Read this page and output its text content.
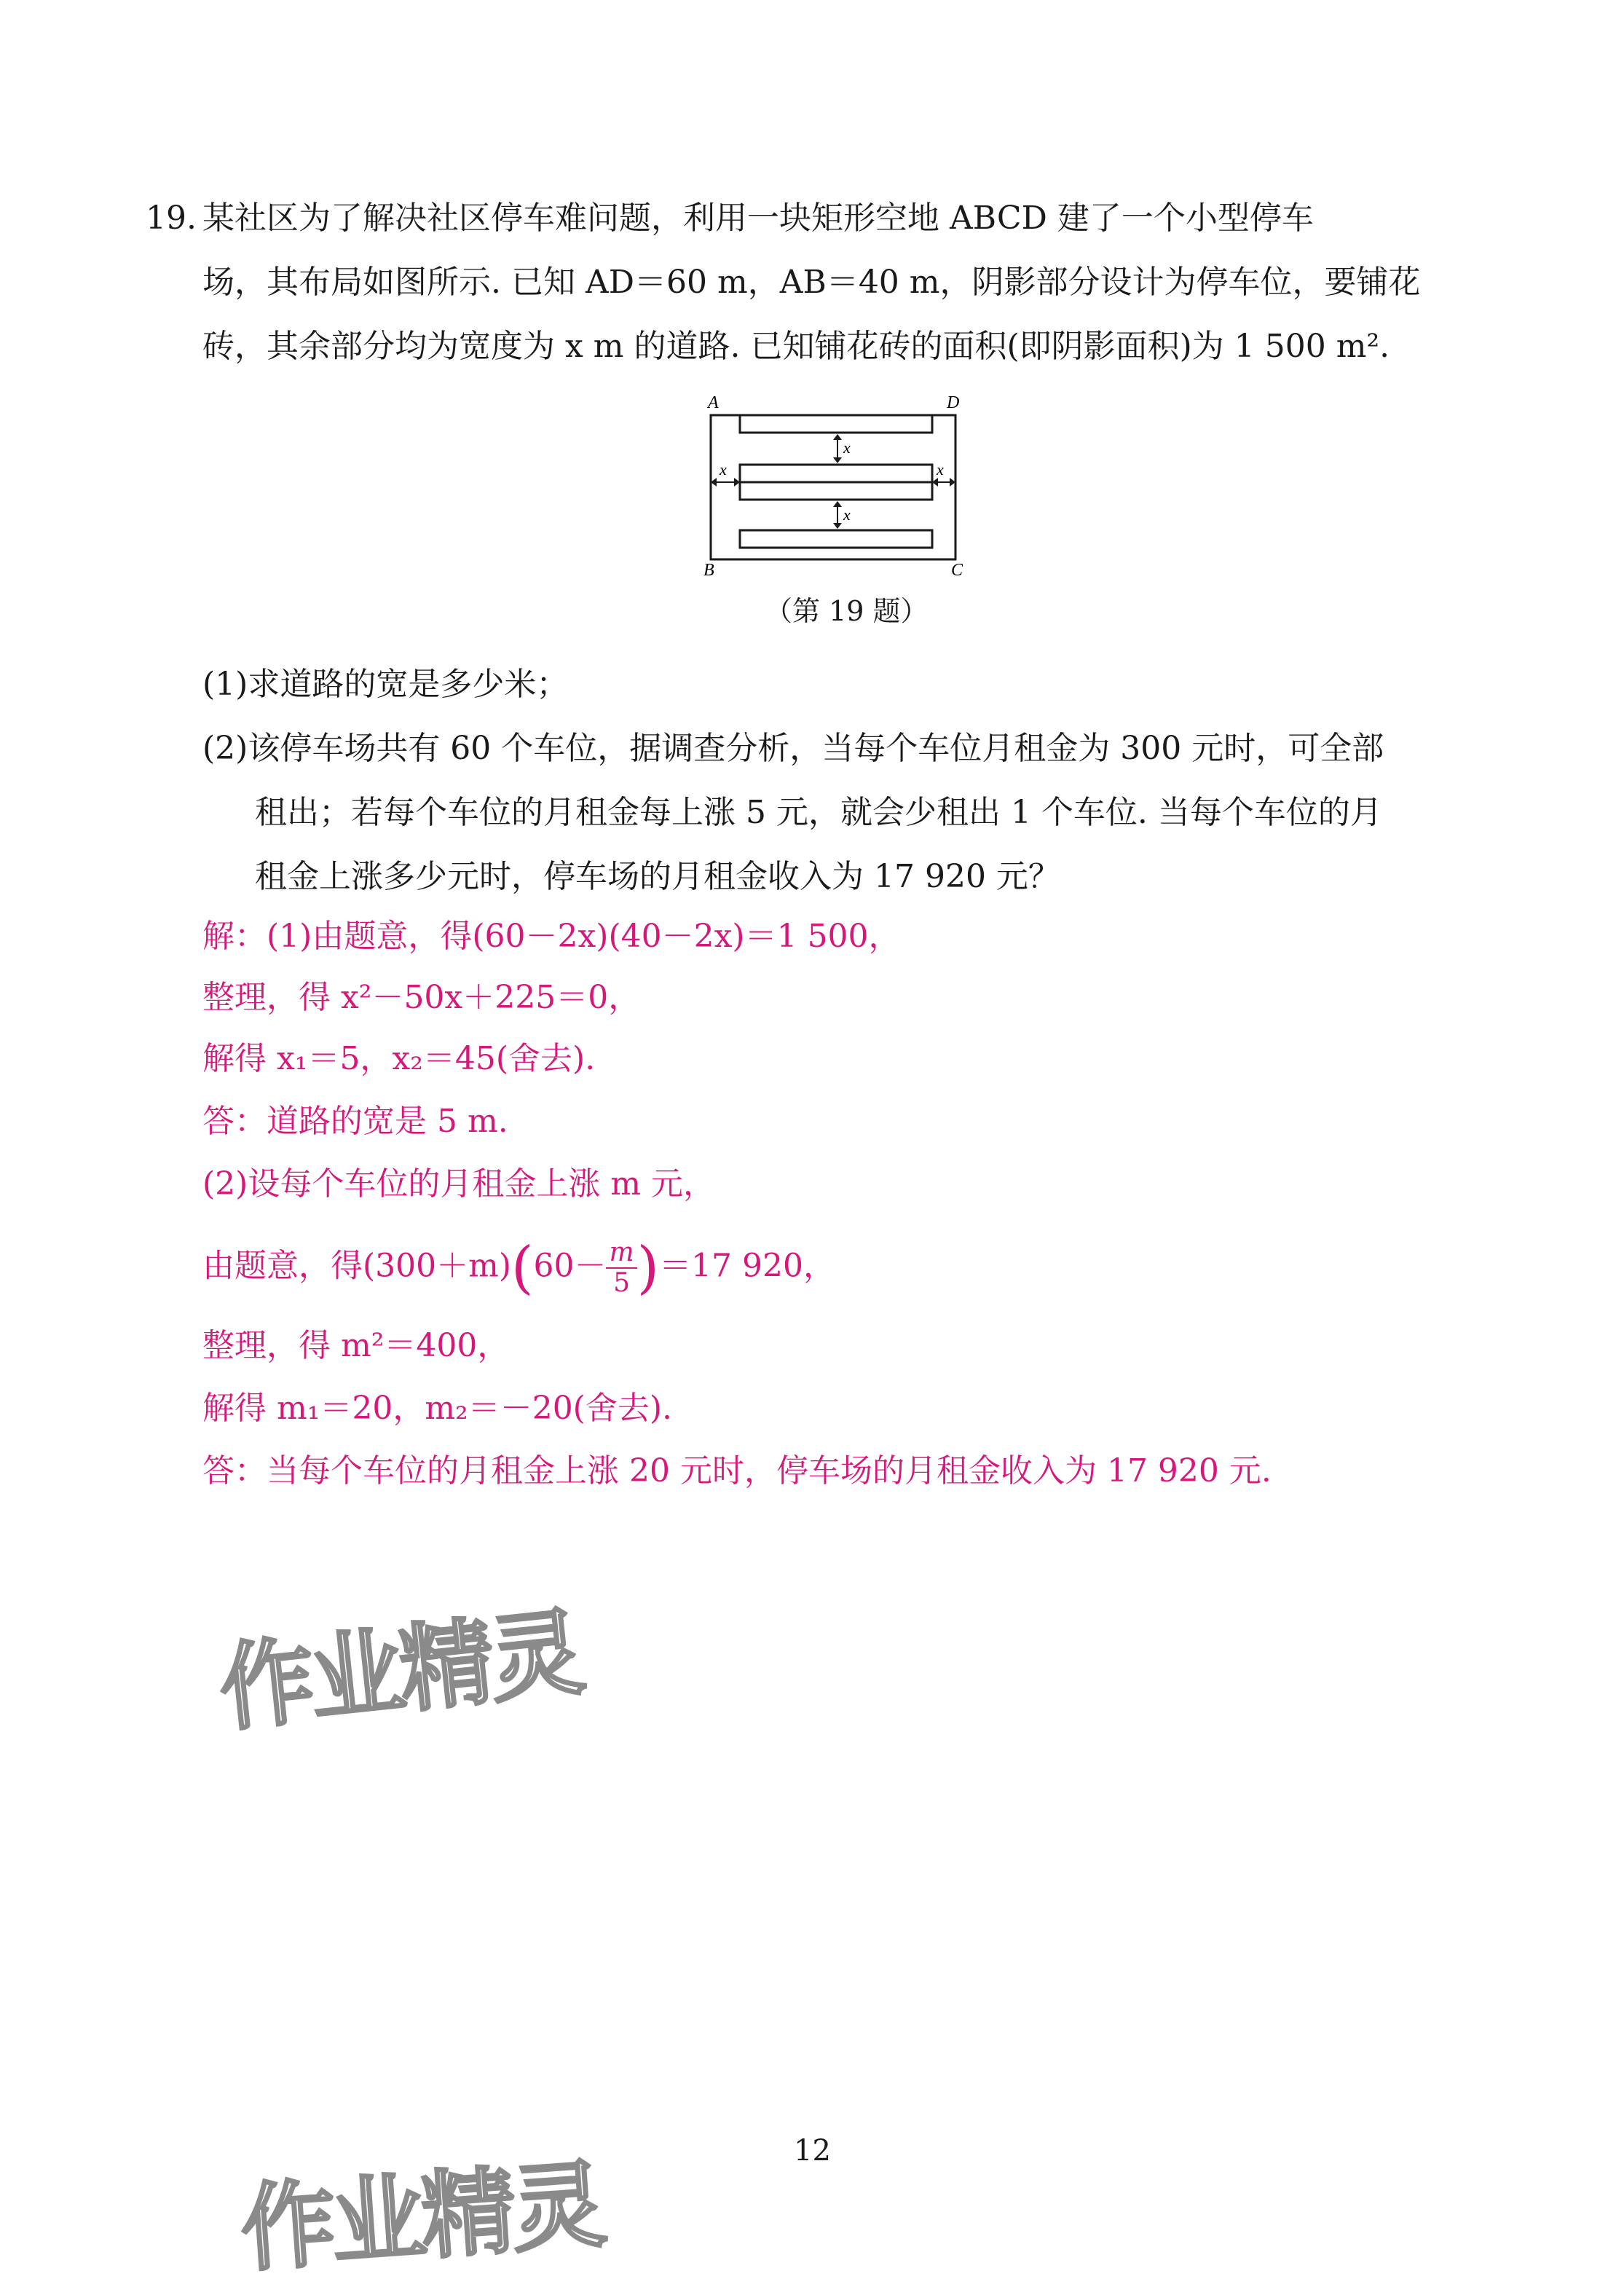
19. 某社区为了解决社区停车难问题，利用一块矩形空地 ABCD 建了一个小型停车
场，其布局如图所示. 已知 AD＝60 m，AB＝40 m，阴影部分设计为停车位，要铺花
砖，其余部分均为宽度为 x m 的道路. 已知铺花砖的面积(即阴影面积)为 1 500 m².
A	D
B	C
x
x
x	x
（第 19 题）
(1)求道路的宽是多少米；
(2)该停车场共有 60 个车位，据调查分析，当每个车位月租金为 300 元时，可全部
租出；若每个车位的月租金每上涨 5 元，就会少租出 1 个车位. 当每个车位的月
租金上涨多少元时，停车场的月租金收入为 17 920 元？
解：(1)由题意，得(60－2x)(40－2x)＝1 500，
整理，得 x²－50x＋225＝0，
解得 x₁＝5，x₂＝45(舍去).
答：道路的宽是 5 m.
(2)设每个车位的月租金上涨 m 元，
由题意，得$(300+m)(60- \frac{m}{5} )=17$ 920，
整理，得 m²＝400，
解得 m₁＝20，m₂＝－20(舍去).
答：当每个车位的月租金上涨 20 元时，停车场的月租金收入为 17 920 元.
作业精灵
作业精灵	12
